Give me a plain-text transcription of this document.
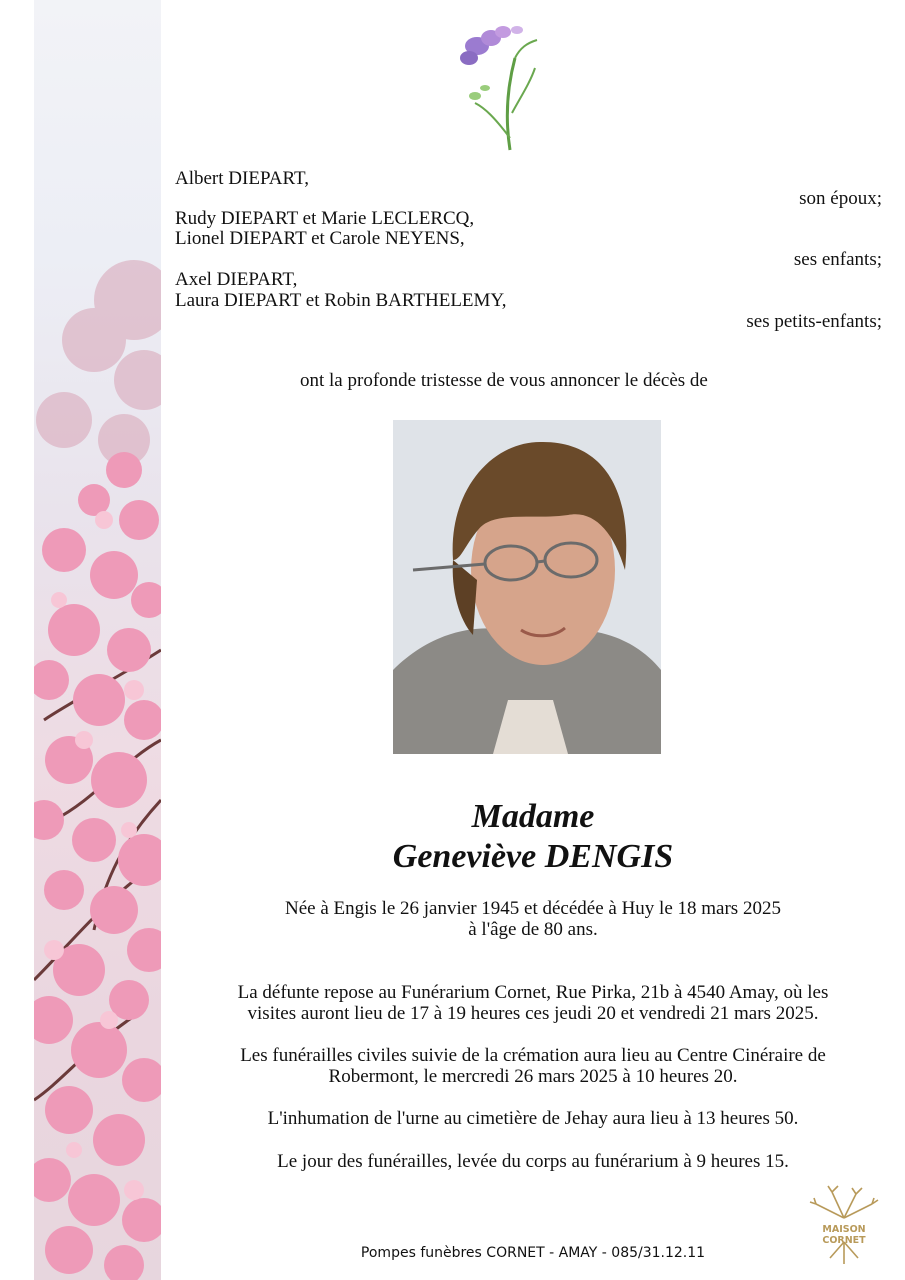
Albert DIEPART,
son époux;
Rudy DIEPART et Marie LECLERCQ,
Lionel DIEPART et Carole NEYENS,
ses enfants;
Axel DIEPART,
Laura DIEPART et Robin BARTHELEMY,
ses petits-enfants;
ont la profonde tristesse de vous annoncer le décès de
Madame
Geneviève DENGIS
Née à Engis le 26 janvier 1945 et décédée à Huy le 18 mars 2025
à l'âge de 80 ans.
La défunte repose au Funérarium Cornet, Rue Pirka, 21b à 4540 Amay, où les
visites auront lieu de 17 à 19 heures ces jeudi 20 et vendredi 21 mars 2025.
Les funérailles civiles suivie de la crémation aura lieu au Centre Cinéraire de
Robermont, le mercredi 26 mars 2025 à 10 heures 20.
L'inhumation de l'urne au cimetière de Jehay aura lieu à 13 heures 50.
Le jour des funérailles, levée du corps au funérarium à 9 heures 15.
Pompes funèbres CORNET - AMAY - 085/31.12.11
MAISON CORNET
